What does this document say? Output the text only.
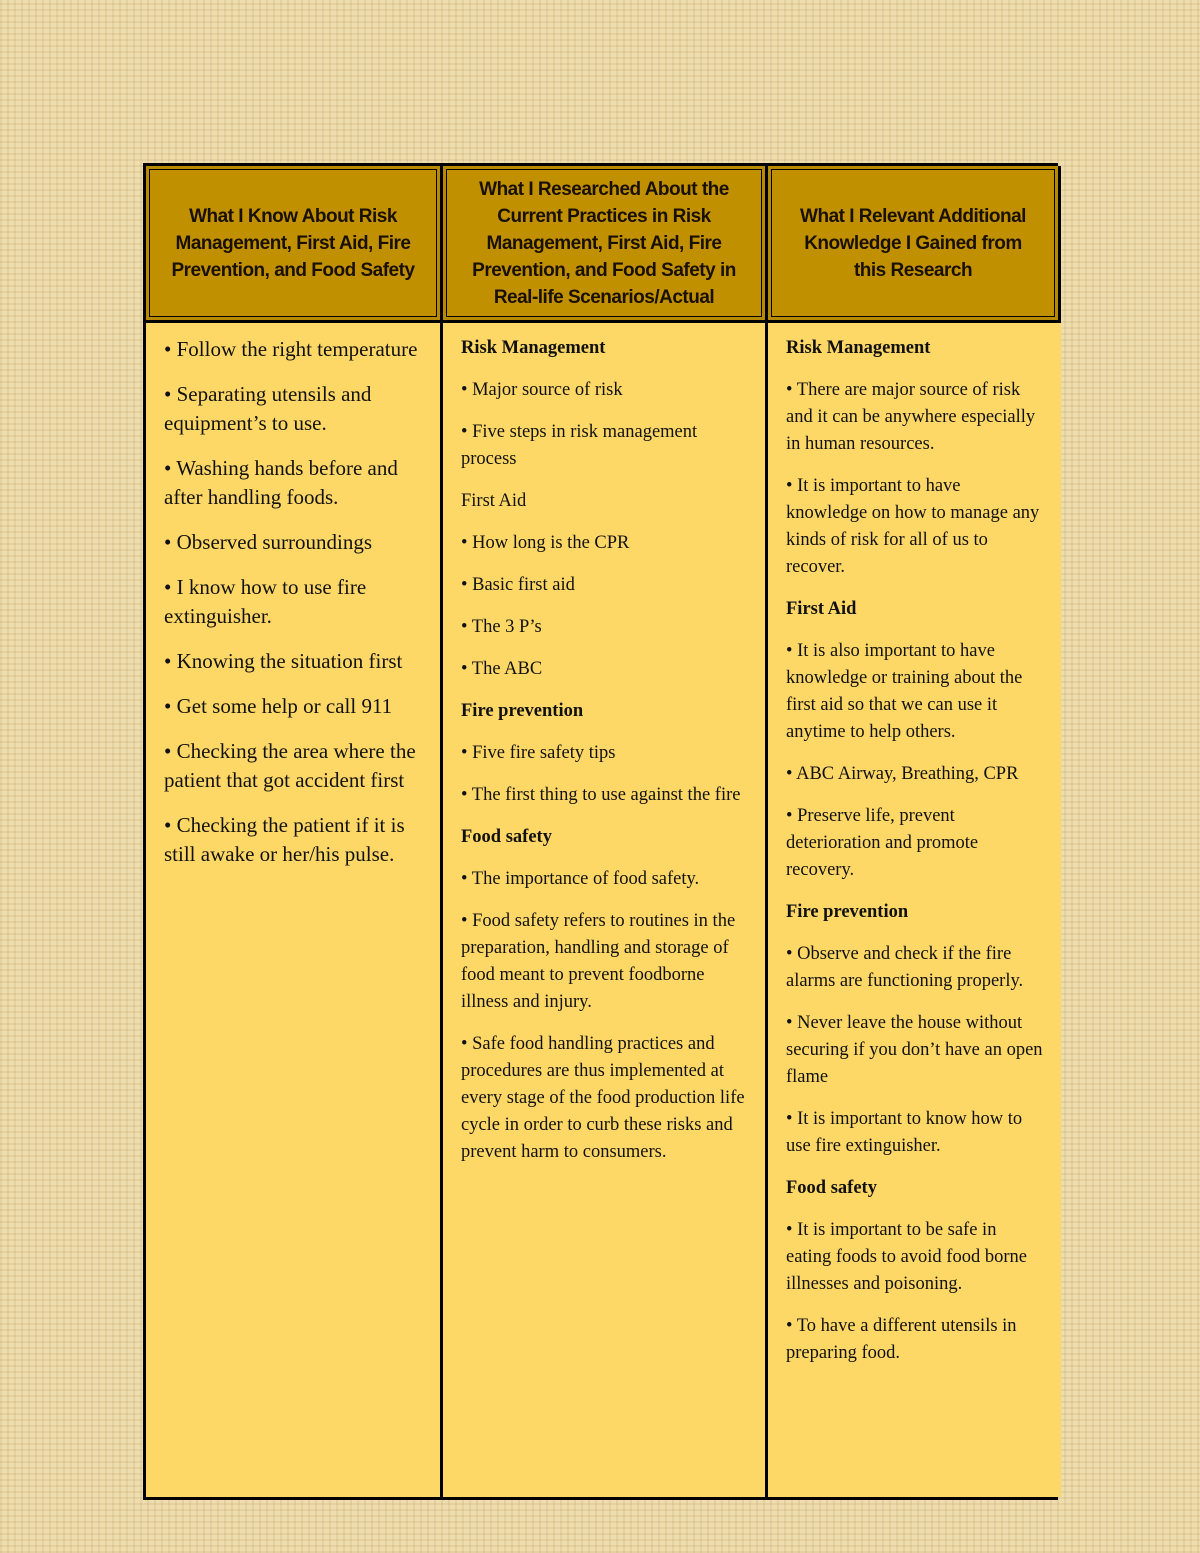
What I Know About Risk Management, First Aid, Fire Prevention, and Food Safety
What I Researched About the Current Practices in Risk Management, First Aid, Fire Prevention, and Food Safety in Real-life Scenarios/Actual
What I Relevant Additional Knowledge I Gained from this Research

• Follow the right temperature

• Separating utensils and equipment’s to use.

• Washing hands before and after handling foods.

• Observed surroundings

• I know how to use fire extinguisher.

• Knowing the situation first

• Get some help or call 911

• Checking the area where the patient that got accident first

• Checking the patient if it is still awake or her/his pulse.

Risk Management

• Major source of risk

• Five steps in risk management process

First Aid

• How long is the CPR

• Basic first aid

• The 3 P’s

• The ABC

Fire prevention

• Five fire safety tips

• The first thing to use against the fire

Food safety

• The importance of food safety.

• Food safety refers to routines in the preparation, handling and storage of food meant to prevent foodborne illness and injury.

• Safe food handling practices and procedures are thus implemented at every stage of the food production life cycle in order to curb these risks and prevent harm to consumers.

Risk Management

• There are major source of risk and it can be anywhere especially in human resources.

• It is important to have knowledge on how to manage any kinds of risk for all of us to recover.

First Aid

• It is also important to have knowledge or training about the first aid so that we can use it anytime to help others.

• ABC Airway, Breathing, CPR

• Preserve life, prevent deterioration and promote recovery.

Fire prevention

• Observe and check if the fire alarms are functioning properly.

• Never leave the house without securing if you don’t have an open flame

• It is important to know how to use fire extinguisher.

Food safety

• It is important to be safe in eating foods to avoid food borne illnesses and poisoning.

• To have a different utensils in preparing food.
